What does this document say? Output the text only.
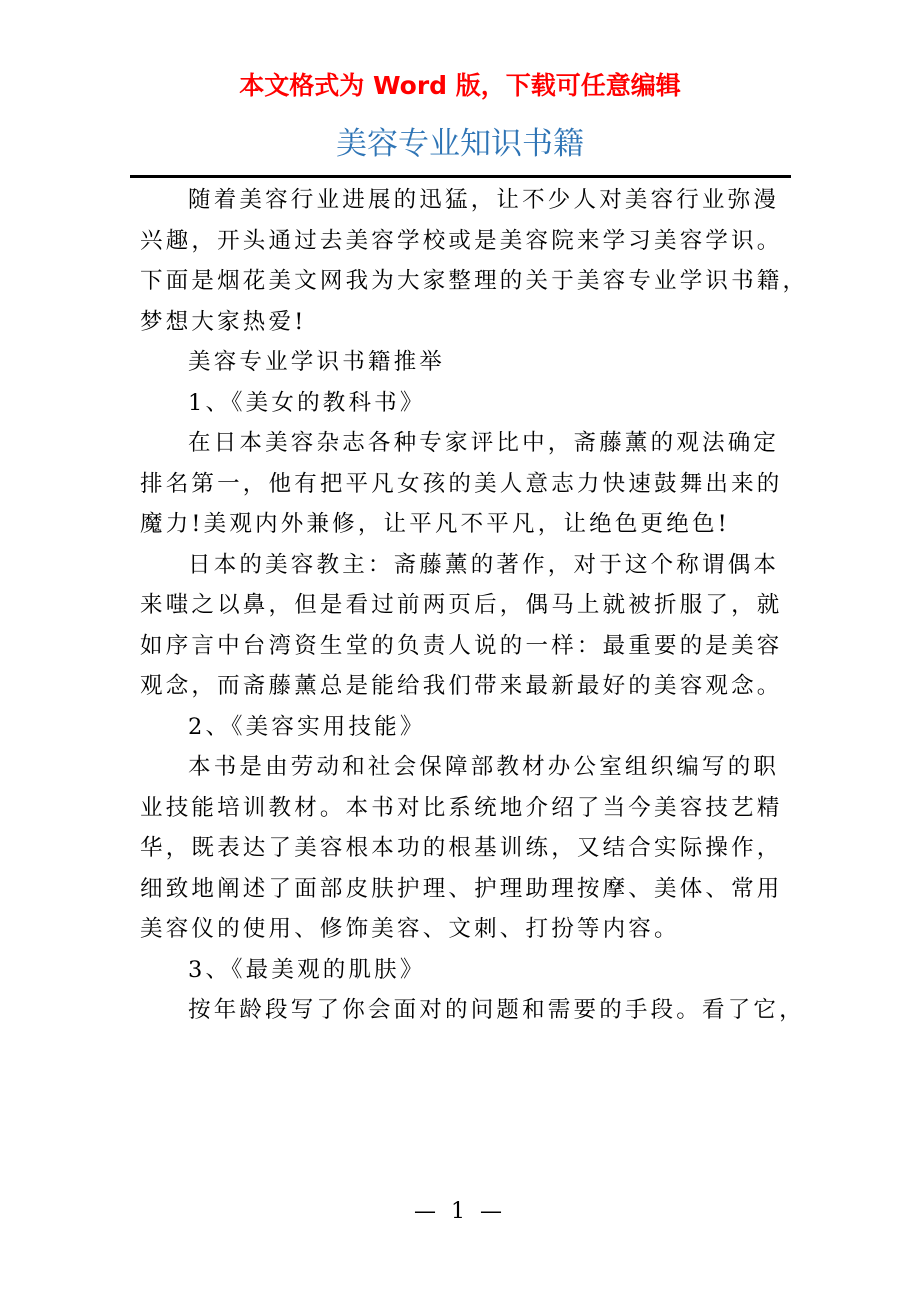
本文格式为 Word 版，下载可任意编辑
美容专业知识书籍
随着美容行业进展的迅猛，让不少人对美容行业弥漫
兴趣，开头通过去美容学校或是美容院来学习美容学识。
下面是烟花美文网我为大家整理的关于美容专业学识书籍，
梦想大家热爱!
美容专业学识书籍推举
1、《美女的教科书》
在日本美容杂志各种专家评比中，斋藤薰的观法确定
排名第一，他有把平凡女孩的美人意志力快速鼓舞出来的
魔力!美观内外兼修，让平凡不平凡，让绝色更绝色!
日本的美容教主：斋藤薰的著作，对于这个称谓偶本
来嗤之以鼻，但是看过前两页后，偶马上就被折服了，就
如序言中台湾资生堂的负责人说的一样：最重要的是美容
观念，而斋藤薰总是能给我们带来最新最好的美容观念。
2、《美容实用技能》
本书是由劳动和社会保障部教材办公室组织编写的职
业技能培训教材。本书对比系统地介绍了当今美容技艺精
华，既表达了美容根本功的根基训练，又结合实际操作，
细致地阐述了面部皮肤护理、护理助理按摩、美体、常用
美容仪的使用、修饰美容、文刺、打扮等内容。
3、《最美观的肌肤》
按年龄段写了你会面对的问题和需要的手段。看了它，
— 1 —
